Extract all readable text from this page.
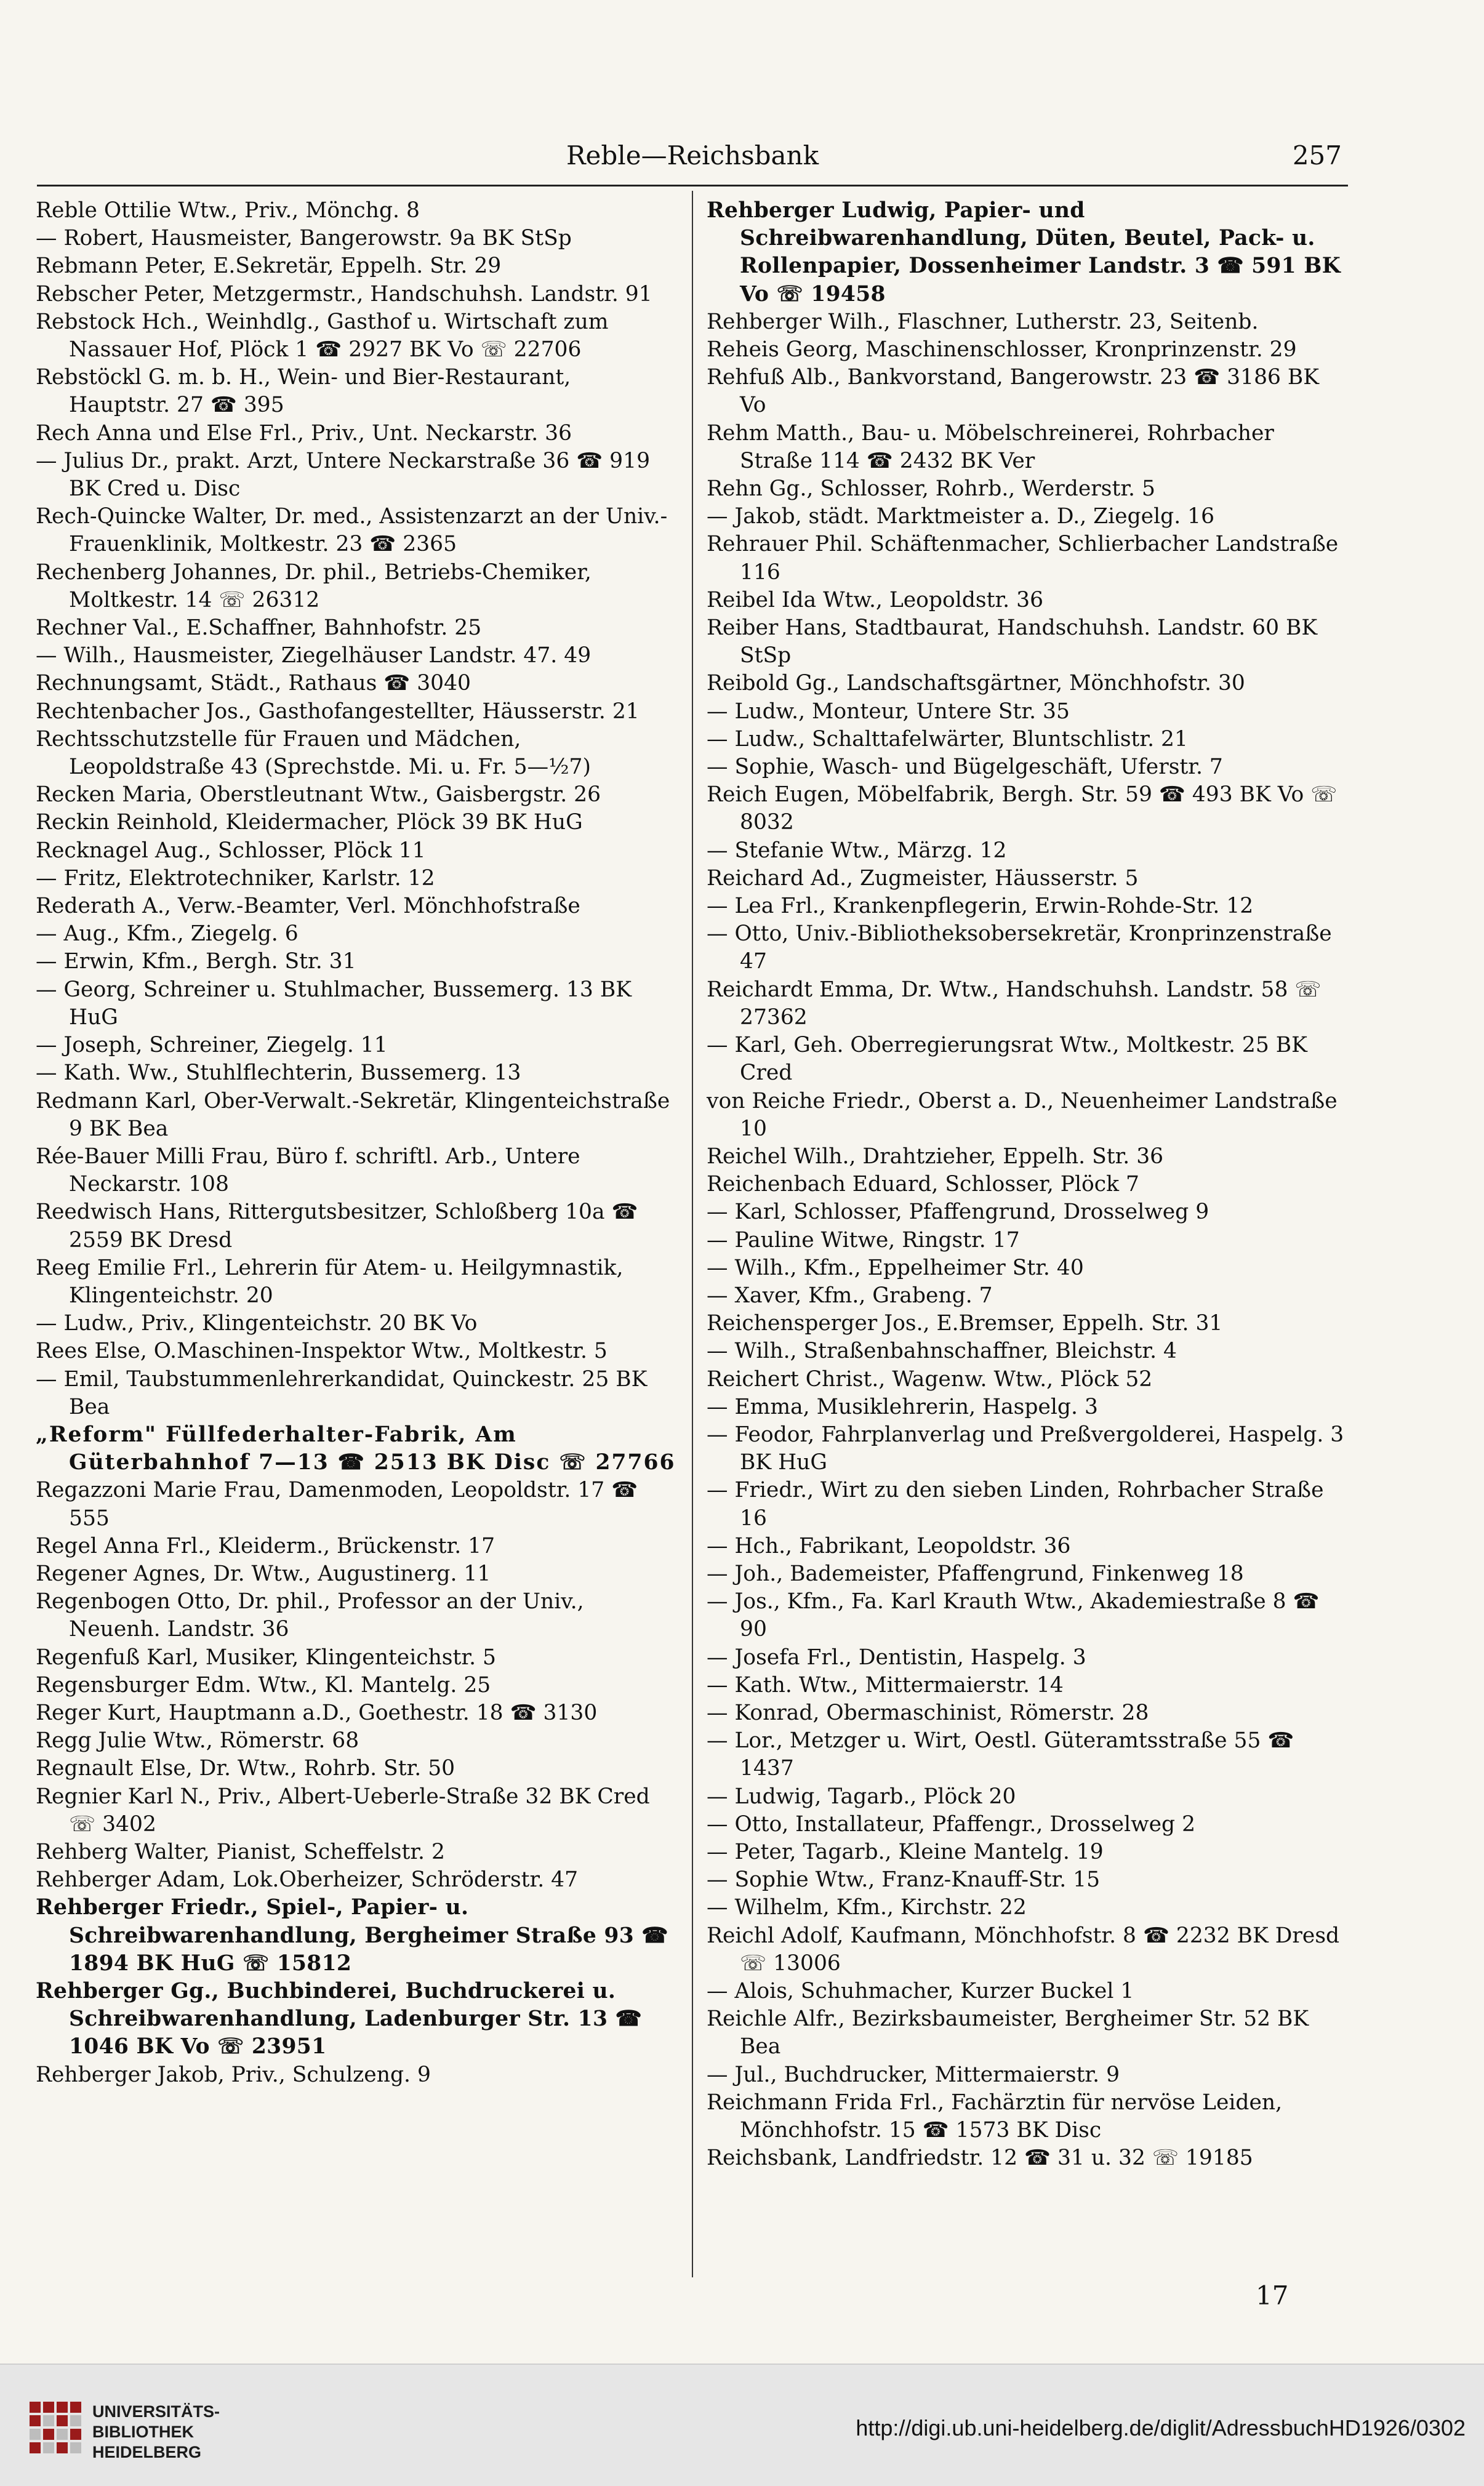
Reble—Reichsbank	257

Reble Ottilie Wtw., Priv., Mönchg. 8

— Robert, Hausmeister, Bangerowstr. 9a BK StSp

Rebmann Peter, E.Sekretär, Eppelh. Str. 29

Rebscher Peter, Metzgermstr., Handschuhsh. Landstr. 91

Rebstock Hch., Weinhdlg., Gasthof u. Wirtschaft zum Nassauer Hof, Plöck 1 ☎ 2927 BK Vo ☏ 22706

Rebstöckl G. m. b. H., Wein- und Bier-Restaurant, Hauptstr. 27 ☎ 395

Rech Anna und Else Frl., Priv., Unt. Neckarstr. 36

— Julius Dr., prakt. Arzt, Untere Neckarstraße 36 ☎ 919 BK Cred u. Disc

Rech-Quincke Walter, Dr. med., Assistenzarzt an der Univ.-Frauenklinik, Moltkestr. 23 ☎ 2365

Rechenberg Johannes, Dr. phil., Betriebs-Chemiker, Moltkestr. 14 ☏ 26312

Rechner Val., E.Schaffner, Bahnhofstr. 25

— Wilh., Hausmeister, Ziegelhäuser Landstr. 47. 49

Rechnungsamt, Städt., Rathaus ☎ 3040

Rechtenbacher Jos., Gasthofangestellter, Häusserstr. 21

Rechtsschutzstelle für Frauen und Mädchen, Leopoldstraße 43 (Sprechstde. Mi. u. Fr. 5—½7)

Recken Maria, Oberstleutnant Wtw., Gaisbergstr. 26

Reckin Reinhold, Kleidermacher, Plöck 39 BK HuG

Recknagel Aug., Schlosser, Plöck 11

— Fritz, Elektrotechniker, Karlstr. 12

Rederath A., Verw.-Beamter, Verl. Mönchhofstraße

— Aug., Kfm., Ziegelg. 6

— Erwin, Kfm., Bergh. Str. 31

— Georg, Schreiner u. Stuhlmacher, Bussemerg. 13 BK HuG

— Joseph, Schreiner, Ziegelg. 11

— Kath. Ww., Stuhlflechterin, Bussemerg. 13

Redmann Karl, Ober-Verwalt.-Sekretär, Klingenteichstraße 9 BK Bea

Rée-Bauer Milli Frau, Büro f. schriftl. Arb., Untere Neckarstr. 108

Reedwisch Hans, Rittergutsbesitzer, Schloßberg 10a ☎ 2559 BK Dresd

Reeg Emilie Frl., Lehrerin für Atem- u. Heilgymnastik, Klingenteichstr. 20

— Ludw., Priv., Klingenteichstr. 20 BK Vo

Rees Else, O.Maschinen-Inspektor Wtw., Moltkestr. 5

— Emil, Taubstummenlehrerkandidat, Quinckestr. 25 BK Bea

„Reform" Füllfederhalter-Fabrik, Am Güterbahnhof 7—13 ☎ 2513 BK Disc ☏ 27766

Regazzoni Marie Frau, Damenmoden, Leopoldstr. 17 ☎ 555

Regel Anna Frl., Kleiderm., Brückenstr. 17

Regener Agnes, Dr. Wtw., Augustinerg. 11

Regenbogen Otto, Dr. phil., Professor an der Univ., Neuenh. Landstr. 36

Regenfuß Karl, Musiker, Klingenteichstr. 5

Regensburger Edm. Wtw., Kl. Mantelg. 25

Reger Kurt, Hauptmann a.D., Goethestr. 18 ☎ 3130

Regg Julie Wtw., Römerstr. 68

Regnault Else, Dr. Wtw., Rohrb. Str. 50

Regnier Karl N., Priv., Albert-Ueberle-Straße 32 BK Cred ☏ 3402

Rehberg Walter, Pianist, Scheffelstr. 2

Rehberger Adam, Lok.Oberheizer, Schröderstr. 47

Rehberger Friedr., Spiel-, Papier- u. Schreibwarenhandlung, Bergheimer Straße 93 ☎ 1894 BK HuG ☏ 15812

Rehberger Gg., Buchbinderei, Buchdruckerei u. Schreibwarenhandlung, Ladenburger Str. 13 ☎ 1046 BK Vo ☏ 23951

Rehberger Jakob, Priv., Schulzeng. 9

Rehberger Ludwig, Papier- und Schreibwarenhandlung, Düten, Beutel, Pack- u. Rollenpapier, Dossenheimer Landstr. 3 ☎ 591 BK Vo ☏ 19458

Rehberger Wilh., Flaschner, Lutherstr. 23, Seitenb.

Reheis Georg, Maschinenschlosser, Kronprinzenstr. 29

Rehfuß Alb., Bankvorstand, Bangerowstr. 23 ☎ 3186 BK Vo

Rehm Matth., Bau- u. Möbelschreinerei, Rohrbacher Straße 114 ☎ 2432 BK Ver

Rehn Gg., Schlosser, Rohrb., Werderstr. 5

— Jakob, städt. Marktmeister a. D., Ziegelg. 16

Rehrauer Phil. Schäftenmacher, Schlierbacher Landstraße 116

Reibel Ida Wtw., Leopoldstr. 36

Reiber Hans, Stadtbaurat, Handschuhsh. Landstr. 60 BK StSp

Reibold Gg., Landschaftsgärtner, Mönchhofstr. 30

— Ludw., Monteur, Untere Str. 35

— Ludw., Schalttafelwärter, Bluntschlistr. 21

— Sophie, Wasch- und Bügelgeschäft, Uferstr. 7

Reich Eugen, Möbelfabrik, Bergh. Str. 59 ☎ 493 BK Vo ☏ 8032

— Stefanie Wtw., Märzg. 12

Reichard Ad., Zugmeister, Häusserstr. 5

— Lea Frl., Krankenpflegerin, Erwin-Rohde-Str. 12

— Otto, Univ.-Bibliotheksobersekretär, Kronprinzenstraße 47

Reichardt Emma, Dr. Wtw., Handschuhsh. Landstr. 58 ☏ 27362

— Karl, Geh. Oberregierungsrat Wtw., Moltkestr. 25 BK Cred

von Reiche Friedr., Oberst a. D., Neuenheimer Landstraße 10

Reichel Wilh., Drahtzieher, Eppelh. Str. 36

Reichenbach Eduard, Schlosser, Plöck 7

— Karl, Schlosser, Pfaffengrund, Drosselweg 9

— Pauline Witwe, Ringstr. 17

— Wilh., Kfm., Eppelheimer Str. 40

— Xaver, Kfm., Grabeng. 7

Reichensperger Jos., E.Bremser, Eppelh. Str. 31

— Wilh., Straßenbahnschaffner, Bleichstr. 4

Reichert Christ., Wagenw. Wtw., Plöck 52

— Emma, Musiklehrerin, Haspelg. 3

— Feodor, Fahrplanverlag und Preßvergolderei, Haspelg. 3 BK HuG

— Friedr., Wirt zu den sieben Linden, Rohrbacher Straße 16

— Hch., Fabrikant, Leopoldstr. 36

— Joh., Bademeister, Pfaffengrund, Finkenweg 18

— Jos., Kfm., Fa. Karl Krauth Wtw., Akademiestraße 8 ☎ 90

— Josefa Frl., Dentistin, Haspelg. 3

— Kath. Wtw., Mittermaierstr. 14

— Konrad, Obermaschinist, Römerstr. 28

— Lor., Metzger u. Wirt, Oestl. Güteramtsstraße 55 ☎ 1437

— Ludwig, Tagarb., Plöck 20

— Otto, Installateur, Pfaffengr., Drosselweg 2

— Peter, Tagarb., Kleine Mantelg. 19

— Sophie Wtw., Franz-Knauff-Str. 15

— Wilhelm, Kfm., Kirchstr. 22

Reichl Adolf, Kaufmann, Mönchhofstr. 8 ☎ 2232 BK Dresd ☏ 13006

— Alois, Schuhmacher, Kurzer Buckel 1

Reichle Alfr., Bezirksbaumeister, Bergheimer Str. 52 BK Bea

— Jul., Buchdrucker, Mittermaierstr. 9

Reichmann Frida Frl., Fachärztin für nervöse Leiden, Mönchhofstr. 15 ☎ 1573 BK Disc

Reichsbank, Landfriedstr. 12 ☎ 31 u. 32 ☏ 19185

17
UNIVERSITÄTS-
BIBLIOTHEK
HEIDELBERG
http://digi.ub.uni-heidelberg.de/diglit/AdressbuchHD1926/0302
